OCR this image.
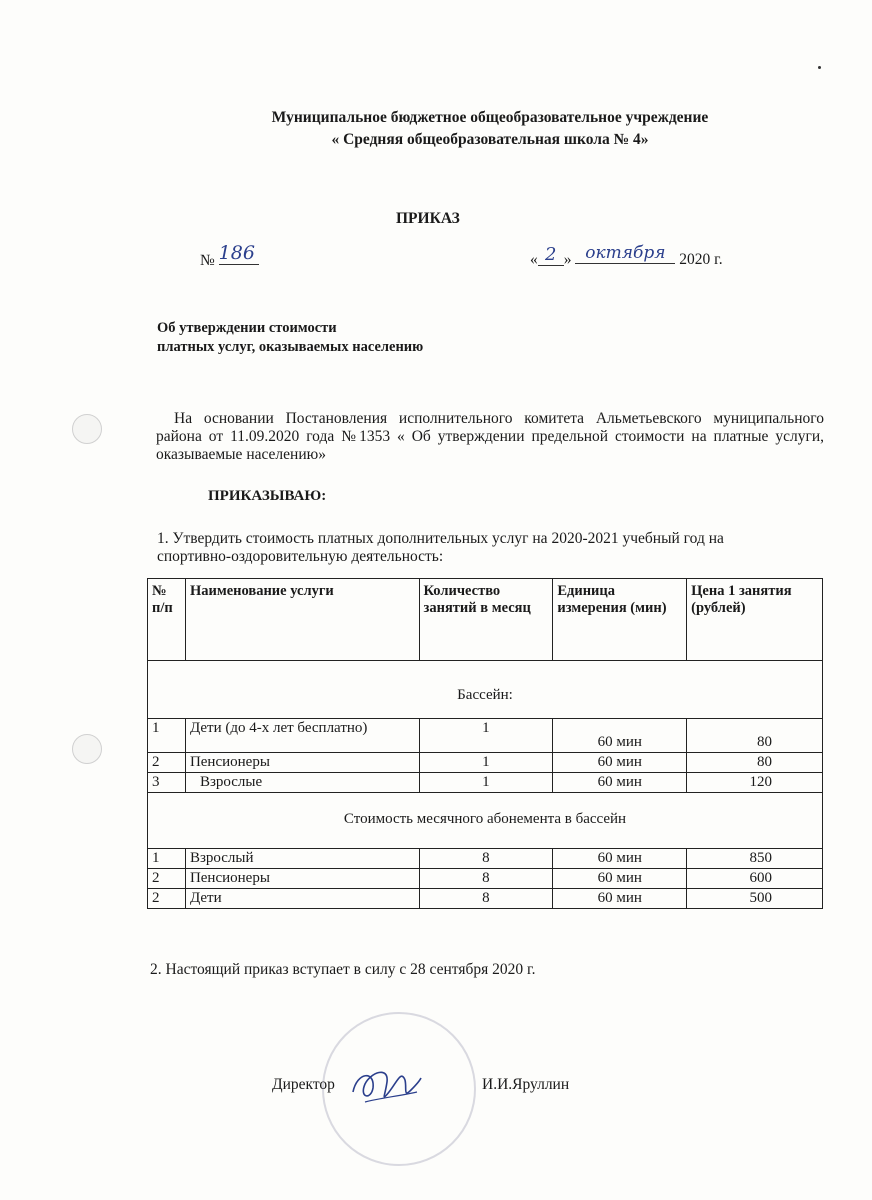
Муниципальное бюджетное общеобразовательное учреждение
« Средняя общеобразовательная школа № 4»
ПРИКАЗ
№ 186	« 2 » октября 2020 г.
Об утверждении стоимости
платных услуг, оказываемых населению
На основании Постановления исполнительного комитета Альметьевского муниципального района от 11.09.2020 года №1353 « Об утверждении предельной стоимости на платные услуги, оказываемые населению»
ПРИКАЗЫВАЮ:
1. Утвердить стоимость платных дополнительных услуг на 2020-2021 учебный год на
спортивно-оздоровительную деятельность:
№ п/п	Наименование услуги	Количество занятий в месяц	Единица измерения (мин)	Цена 1 занятия (рублей)
Бассейн:				
1	Дети (до 4-х лет бесплатно)	1	60 мин	80
2	Пенсионеры	1	60 мин	80
3	Взрослые	1	60 мин	120
Стоимость месячного абонемента в бассейн				
1	Взрослый	8	60 мин	850
2	Пенсионеры	8	60 мин	600
2	Дети	8	60 мин	500
2. Настоящий приказ вступает в силу с 28 сентября 2020 г.
Директор	И.И.Яруллин
